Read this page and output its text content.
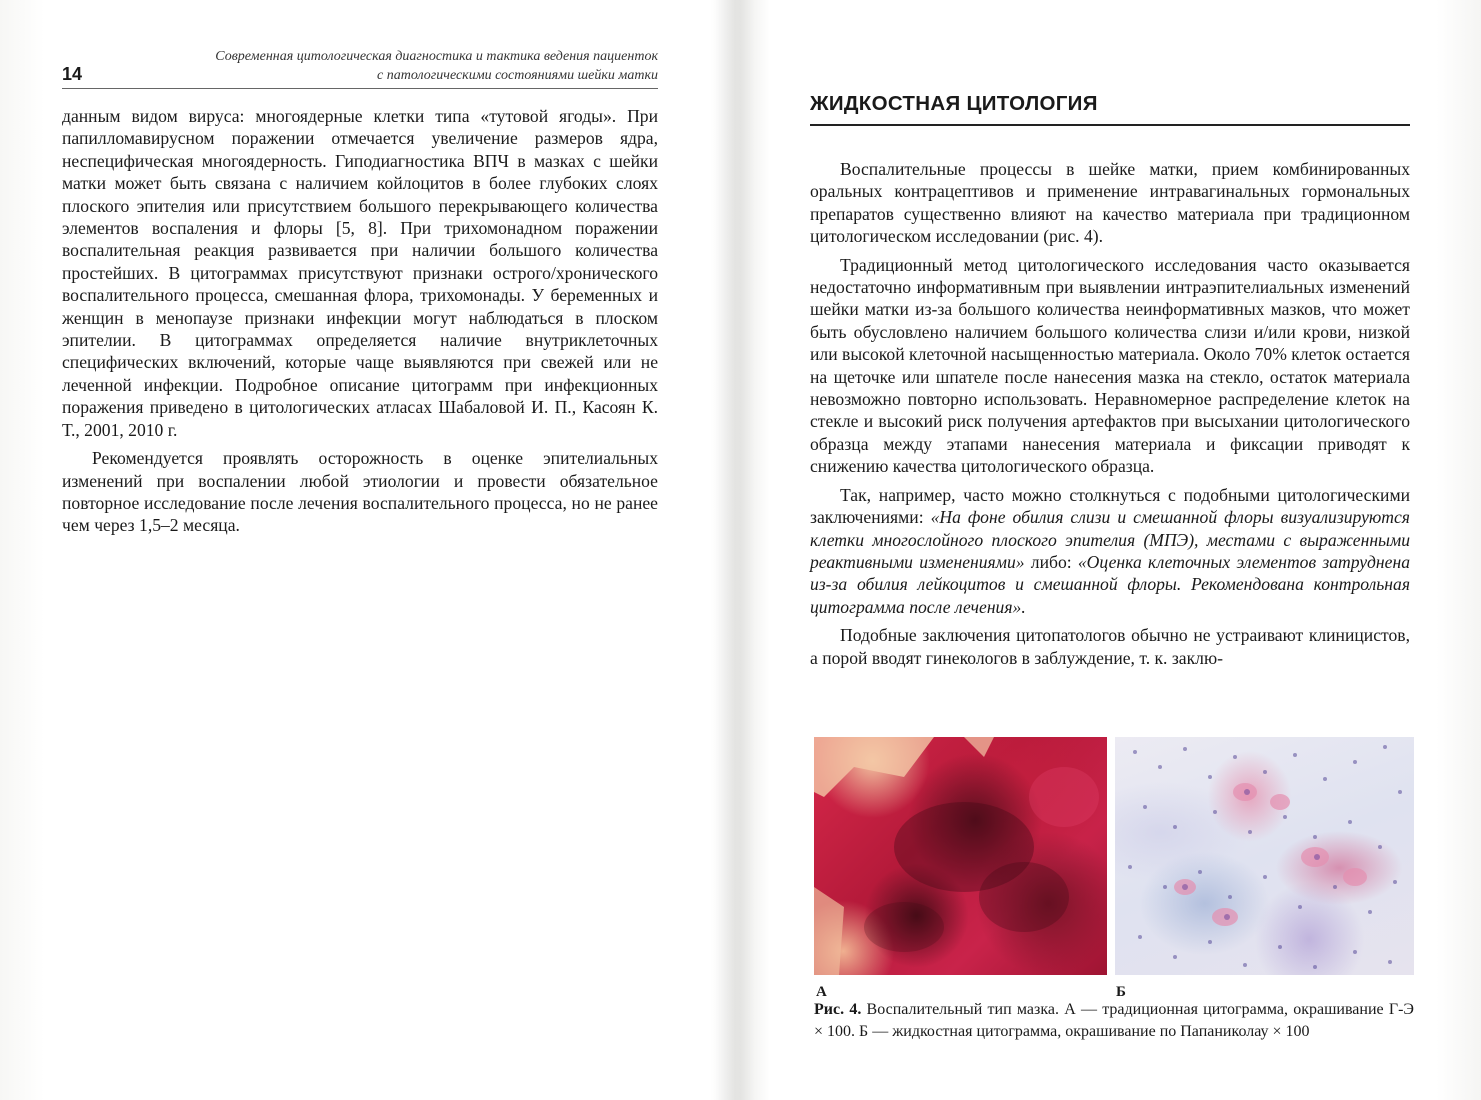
14
Современная цитологическая диагностика и тактика ведения пациенток
с патологическими состояниями шейки матки

данным видом вируса: многоядерные клетки типа «тутовой ягоды». При папилломавирусном поражении отмечается увеличение размеров ядра, неспецифическая многоядерность. Гиподиагностика ВПЧ в мазках с шейки матки может быть связана с наличием койлоцитов в более глубоких слоях плоского эпителия или присутствием большого перекрывающего количества элементов воспаления и флоры [5, 8]. При трихомонадном поражении воспалительная реакция развивается при наличии большого количества простейших. В цитограммах присутствуют признаки острого/хронического воспалительного процесса, смешанная флора, трихомонады. У беременных и женщин в менопаузе признаки инфекции могут наблюдаться в плоском эпителии. В цитограммах определяется наличие внутриклеточных специфических включений, которые чаще выявляются при свежей или не леченной инфекции. Подробное описание цитограмм при инфекционных поражения приведено в цитологических атласах Шабаловой И. П., Касоян К. Т., 2001, 2010 г.

Рекомендуется проявлять осторожность в оценке эпителиальных изменений при воспалении любой этиологии и провести обязательное повторное исследование после лечения воспалительного процесса, но не ранее чем через 1,5–2 месяца.

ЖИДКОСТНАЯ ЦИТОЛОГИЯ

Воспалительные процессы в шейке матки, прием комбинированных оральных контрацептивов и применение интравагинальных гормональных препаратов существенно влияют на качество материала при традиционном цитологическом исследовании (рис. 4).

Традиционный метод цитологического исследования часто оказывается недостаточно информативным при выявлении интраэпителиальных изменений шейки матки из-за большого количества неинформативных мазков, что может быть обусловлено наличием большого количества слизи и/или крови, низкой или высокой клеточной насыщенностью материала. Около 70% клеток остается на щеточке или шпателе после нанесения мазка на стекло, остаток материала невозможно повторно использовать. Неравномерное распределение клеток на стекле и высокий риск получения артефактов при высыхании цитологического образца между этапами нанесения материала и фиксации приводят к снижению качества цитологического образца.

Так, например, часто можно столкнуться с подобными цитологическими заключениями: «На фоне обилия слизи и смешанной флоры визуализируются клетки многослойного плоского эпителия (МПЭ), местами с выраженными реактивными изменениями» либо: «Оценка клеточных элементов затруднена из-за обилия лейкоцитов и смешанной флоры. Рекомендована контрольная цитограмма после лечения».

Подобные заключения цитопатологов обычно не устраивают клиницистов, а порой вводят гинекологов в заблуждение, т. к. заклю-

А	Б
Рис. 4. Воспалительный тип мазка. А — традиционная цитограмма, окрашивание Г-Э × 100. Б — жидкостная цитограмма, окрашивание по Папаниколау × 100
